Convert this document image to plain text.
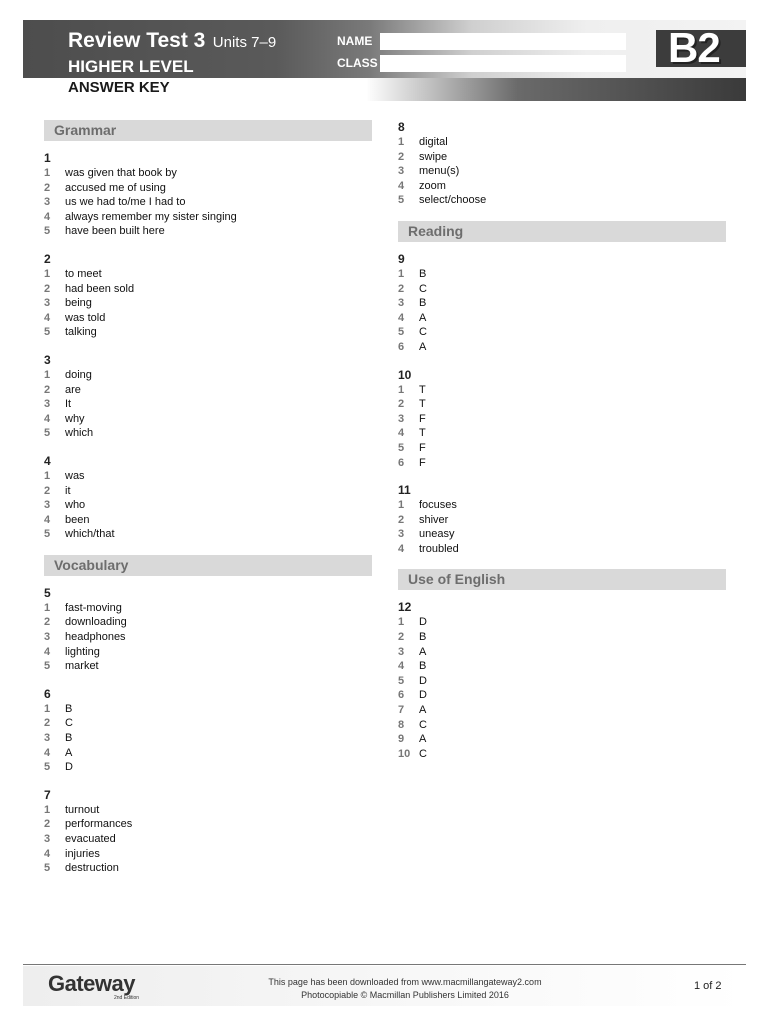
Review Test 3 Units 7–9
HIGHER LEVEL
ANSWER KEY
NAME
CLASS	B2
Grammar
1
1	was given that book by
2	accused me of using
3	us we had to/me I had to
4	always remember my sister singing
5	have been built here
2
1	to meet
2	had been sold
3	being
4	was told
5	talking
3
1	doing
2	are
3	It
4	why
5	which
4
1	was
2	it
3	who
4	been
5	which/that
Vocabulary
5
1	fast-moving
2	downloading
3	headphones
4	lighting
5	market
6
1	B
2	C
3	B
4	A
5	D
7
1	turnout
2	performances
3	evacuated
4	injuries
5	destruction
8
1	digital
2	swipe
3	menu(s)
4	zoom
5	select/choose
Reading
9
1	B
2	C
3	B
4	A
5	C
6	A
10
1	T
2	T
3	F
4	T
5	F
6	F
11
1	focuses
2	shiver
3	uneasy
4	troubled
Use of English
12
1	D
2	B
3	A
4	B
5	D
6	D
7	A
8	C
9	A
10 C
Gateway
2nd Edition
This page has been downloaded from www.macmillangateway2.com
Photocopiable © Macmillan Publishers Limited 2016
1 of 2
